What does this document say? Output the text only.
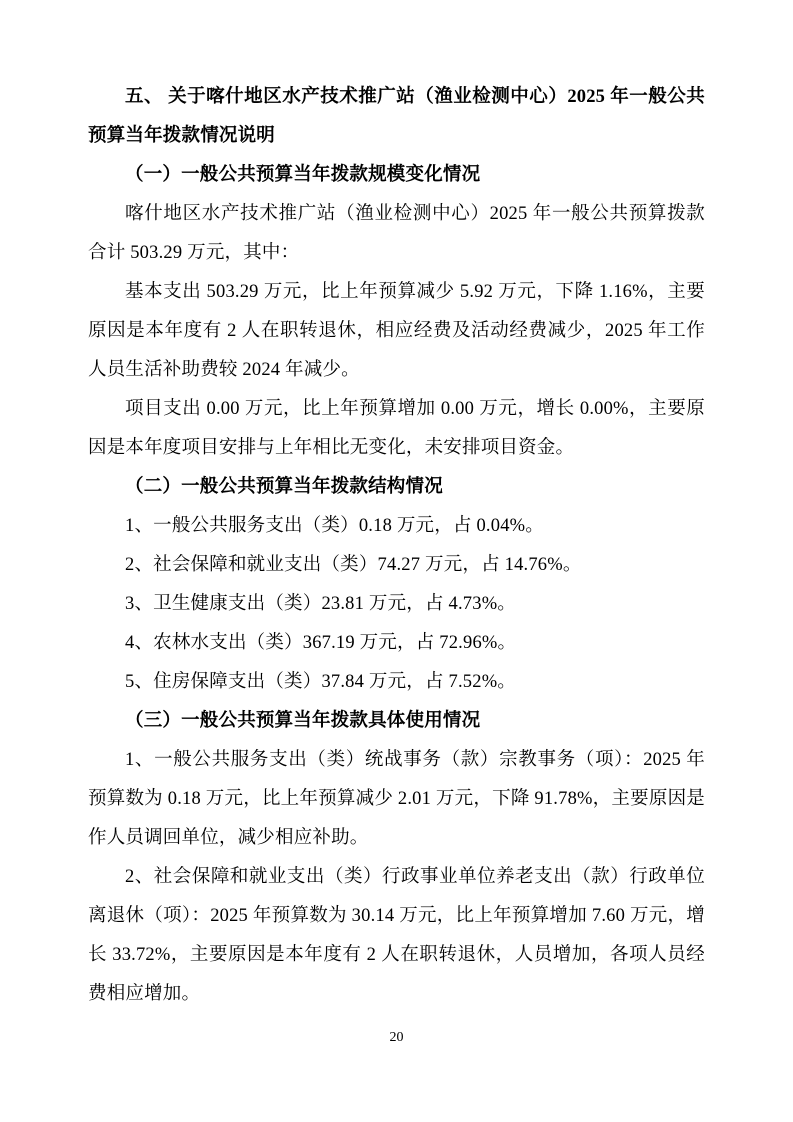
五、 关于喀什地区水产技术推广站（渔业检测中心）2025 年一般公共预算当年拨款情况说明

（一）一般公共预算当年拨款规模变化情况

喀什地区水产技术推广站（渔业检测中心）2025 年一般公共预算拨款合计 503.29 万元，其中：

基本支出 503.29 万元，比上年预算减少 5.92 万元，下降 1.16%，主要原因是本年度有 2 人在职转退休，相应经费及活动经费减少，2025 年工作人员生活补助费较 2024 年减少。

项目支出 0.00 万元，比上年预算增加 0.00 万元，增长 0.00%，主要原因是本年度项目安排与上年相比无变化，未安排项目资金。

（二）一般公共预算当年拨款结构情况

1、一般公共服务支出（类）0.18 万元，占 0.04%。

2、社会保障和就业支出（类）74.27 万元，占 14.76%。

3、卫生健康支出（类）23.81 万元，占 4.73%。

4、农林水支出（类）367.19 万元，占 72.96%。

5、住房保障支出（类）37.84 万元，占 7.52%。

（三）一般公共预算当年拨款具体使用情况

1、一般公共服务支出（类）统战事务（款）宗教事务（项）：2025 年预算数为 0.18 万元，比上年预算减少 2.01 万元，下降 91.78%，主要原因是作人员调回单位，减少相应补助。

2、社会保障和就业支出（类）行政事业单位养老支出（款）行政单位离退休（项）：2025 年预算数为 30.14 万元，比上年预算增加 7.60 万元，增长 33.72%，主要原因是本年度有 2 人在职转退休，人员增加，各项人员经费相应增加。

20
